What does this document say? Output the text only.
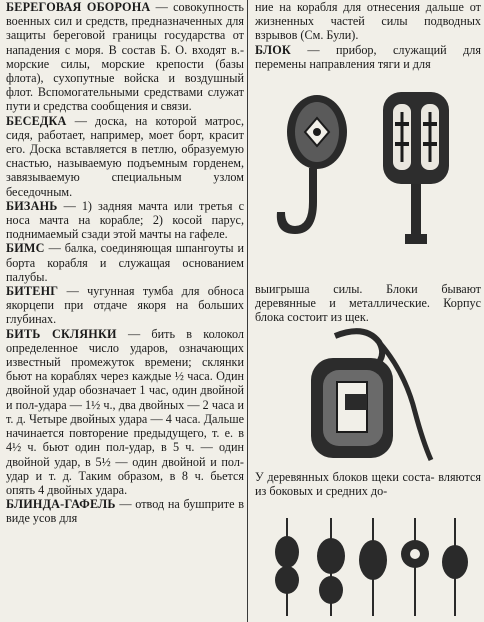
БЕРЕГОВАЯ ОБОРОНА — совокупность военных сил и средств, предназначенных для защиты береговой границы государства от нападения с моря. В состав Б. О. входят в.-морские силы, морские крепости (базы флота), сухопутные войска и воздушный флот. Вспомогательными средствами служат пути и средства сообщения и связи.

БЕСЕДКА — доска, на которой матрос, сидя, работает, например, моет борт, красит его. Доска вставляется в петлю, образуемую снастью, называемую подъемным горденем, завязываемую специальным узлом беседочным.

БИЗАНЬ — 1) задняя мачта или третья с носа мачта на корабле; 2) косой парус, поднимаемый сзади этой мачты на гафеле.

БИМС — балка, соединяющая шпангоуты и борта корабля и служащая основанием палубы.

БИТЕНГ — чугунная тумба для обноса якорцепи при отдаче якоря на больших глубинах.

БИТЬ СКЛЯНКИ — бить в колокол определенное число ударов, означающих известный промежуток времени; склянки бьют на кораблях через каждые ½ часа. Один двойной удар обозначает 1 час, один двойной и пол-удара — 1½ ч., два двойных — 2 часа и т. д. Четыре двойных удара — 4 часа. Дальше начинается повторение предыдущего, т. е. в 4½ ч. бьют один пол-удар, в 5 ч. — один двойной удар, в 5½ — один двойной и пол-удар и т. д. Таким образом, в 8 ч. бьется опять 4 двойных удара.

БЛИНДА-ГАФЕЛЬ — отвод на бушприте в виде усов для

ние на корабля для отнесения дальше от жизненных частей силы подводных взрывов (См. Були).

БЛОК — прибор, служащий для перемены направления тяги и для

выигрыша силы. Блоки бывают деревянные и металлические. Корпус блока состоит из щек.

У деревянных блоков щеки состa- вляются из боковых и средних до-
